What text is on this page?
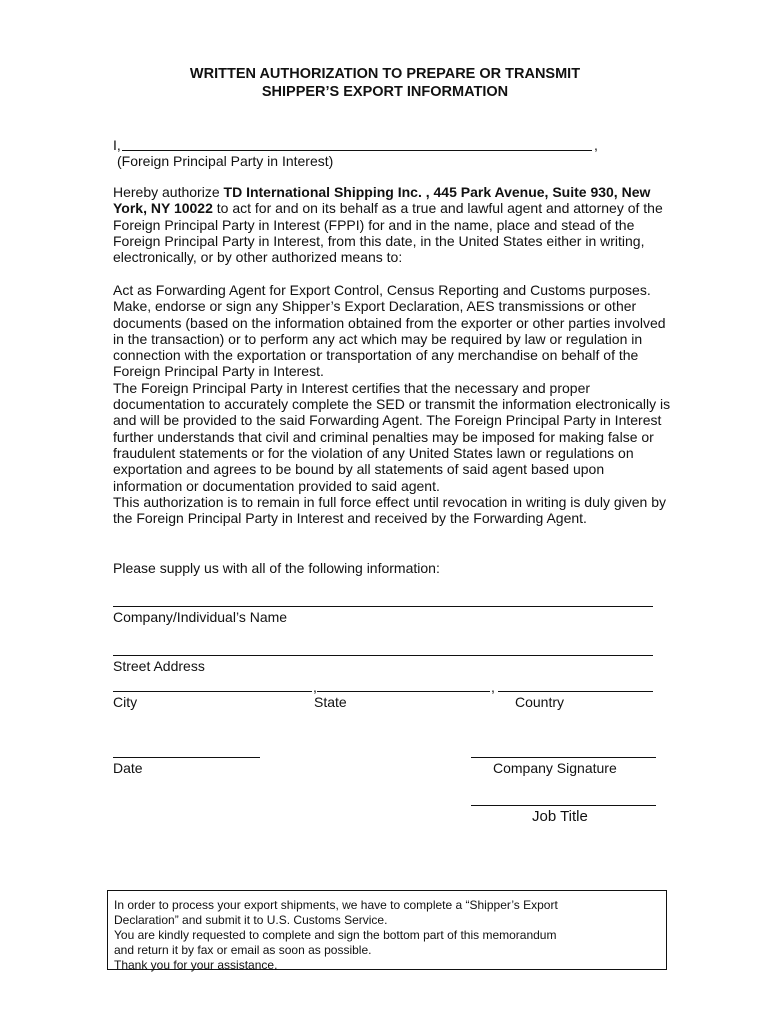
WRITTEN AUTHORIZATION TO PREPARE OR TRANSMIT
SHIPPER’S EXPORT INFORMATION
I,	,
(Foreign Principal Party in Interest)

Hereby authorize TD International Shipping Inc. , 445 Park Avenue, Suite 930, New York, NY 10022 to act for and on its behalf as a true and lawful agent and attorney of the Foreign Principal Party in Interest (FPPI) for and in the name, place and stead of the Foreign Principal Party in Interest, from this date, in the United States either in writing, electronically, or by other authorized means to:

Act as Forwarding Agent for Export Control, Census Reporting and Customs purposes. Make, endorse or sign any Shipper’s Export Declaration, AES transmissions or other documents (based on the information obtained from the exporter or other parties involved in the transaction) or to perform any act which may be required by law or regulation in connection with the exportation or transportation of any merchandise on behalf of the Foreign Principal Party in Interest.

The Foreign Principal Party in Interest certifies that the necessary and proper documentation to accurately complete the SED or transmit the information electronically is and will be provided to the said Forwarding Agent. The Foreign Principal Party in Interest further understands that civil and criminal penalties may be imposed for making false or fraudulent statements or for the violation of any United States lawn or regulations on exportation and agrees to be bound by all statements of said agent based upon information or documentation provided to said agent.

This authorization is to remain in full force effect until revocation in writing is duly given by the Foreign Principal Party in Interest and received by the Forwarding Agent.

Please supply us with all of the following information:
Company/Individual’s Name
Street Address
,	,
City	State	Country
Date	Company Signature
Job Title
In order to process your export shipments, we have to complete a “Shipper’s Export
Declaration” and submit it to U.S. Customs Service.
You are kindly requested to complete and sign the bottom part of this memorandum
and return it by fax or email as soon as possible.
Thank you for your assistance.
